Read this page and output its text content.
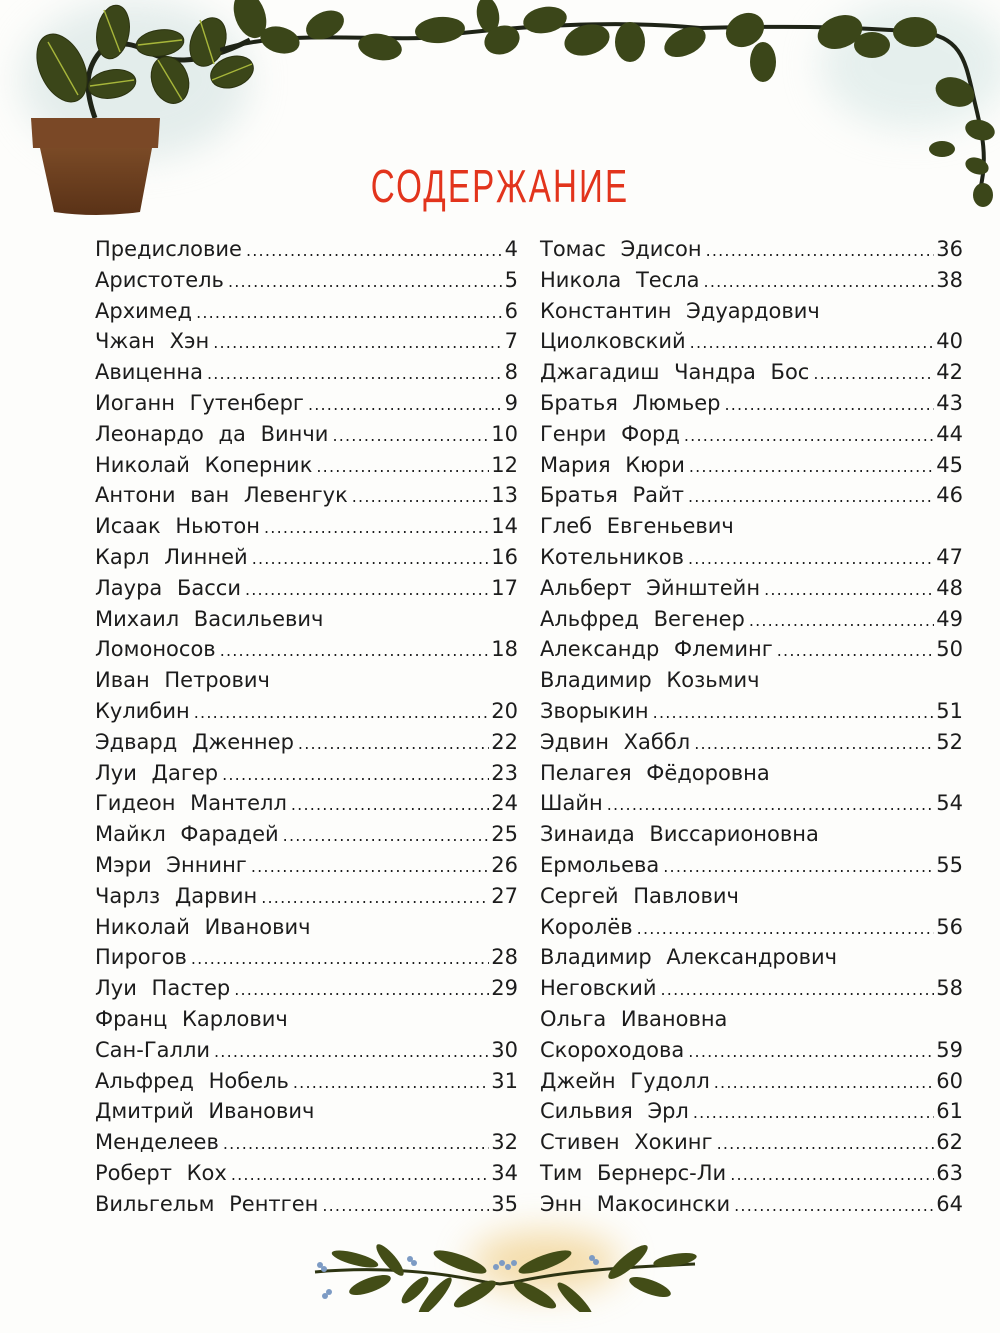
СОДЕРЖАНИЕ
Предисловие .....	4
Аристотель .....	5
Архимед .....	6
Чжан Хэн .....	7
Авиценна .....	8
Иоганн Гутенберг .....	9
Леонардо да Винчи .....	10
Николай Коперник .....	12
Антони ван Левенгук .....	13
Исаак Ньютон .....	14
Карл Линней .....	16
Лаура Басси .....	17
Михаил Васильевич
Ломоносов .....	18
Иван Петрович
Кулибин .....	20
Эдвард Дженнер .....	22
Луи Дагер .....	23
Гидеон Мантелл .....	24
Майкл Фарадей .....	25
Мэри Эннинг .....	26
Чарлз Дарвин .....	27
Николай Иванович
Пирогов .....	28
Луи Пастер .....	29
Франц Карлович
Сан-Галли .....	30
Альфред Нобель .....	31
Дмитрий Иванович
Менделеев .....	32
Роберт Кох .....	34
Вильгельм Рентген .....	35
Томас Эдисон .....	36
Никола Тесла .....	38
Константин Эдуардович
Циолковский .....	40
Джагадиш Чандра Бос .....	42
Братья Люмьер .....	43
Генри Форд .....	44
Мария Кюри .....	45
Братья Райт .....	46
Глеб Евгеньевич
Котельников .....	47
Альберт Эйнштейн .....	48
Альфред Вегенер .....	49
Александр Флеминг .....	50
Владимир Козьмич
Зворыкин .....	51
Эдвин Хаббл .....	52
Пелагея Фёдоровна
Шайн .....	54
Зинаида Виссарионовна
Ермольева .....	55
Сергей Павлович
Королёв .....	56
Владимир Александрович
Неговский .....	58
Ольга Ивановна
Скороходова .....	59
Джейн Гудолл .....	60
Сильвия Эрл .....	61
Стивен Хокинг .....	62
Тим Бернерс-Ли .....	63
Энн Макосински .....	64
